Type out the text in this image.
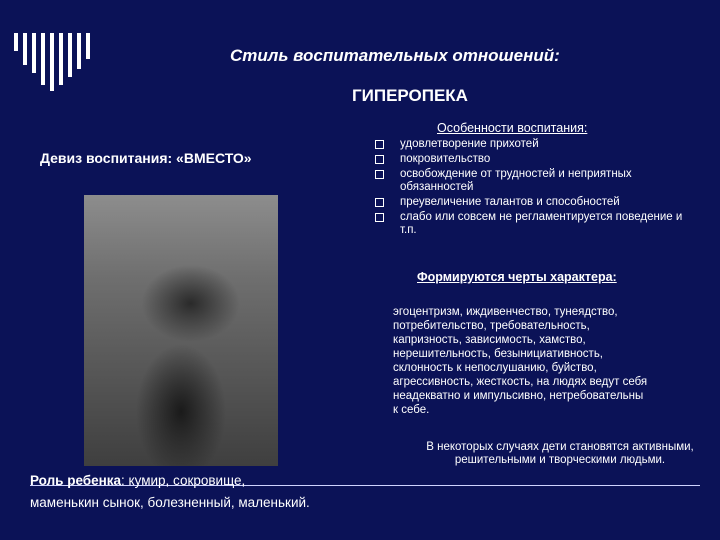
Стиль воспитательных отношений:
ГИПЕРОПЕКА
Девиз воспитания: «ВМЕСТО»
Особенности воспитания:
удовлетворение прихотей
покровительство
освобождение от трудностей и неприятных обязанностей
преувеличение талантов и способностей
слабо или совсем не регламентируется поведение и т.п.
Формируются черты характера:
эгоцентризм, иждивенчество, тунеядство,
потребительство, требовательность,
капризность, зависимость, хамство,
нерешительность, безынициативность,
склонность к непослушанию, буйство,
агрессивность, жесткость, на людях ведут себя
неадекватно и импульсивно, нетребовательны
к себе.
В некоторых случаях дети становятся активными, решительными и творческими людьми.
Роль ребенка: кумир, сокровище,
маменькин сынок, болезненный, маленький.
